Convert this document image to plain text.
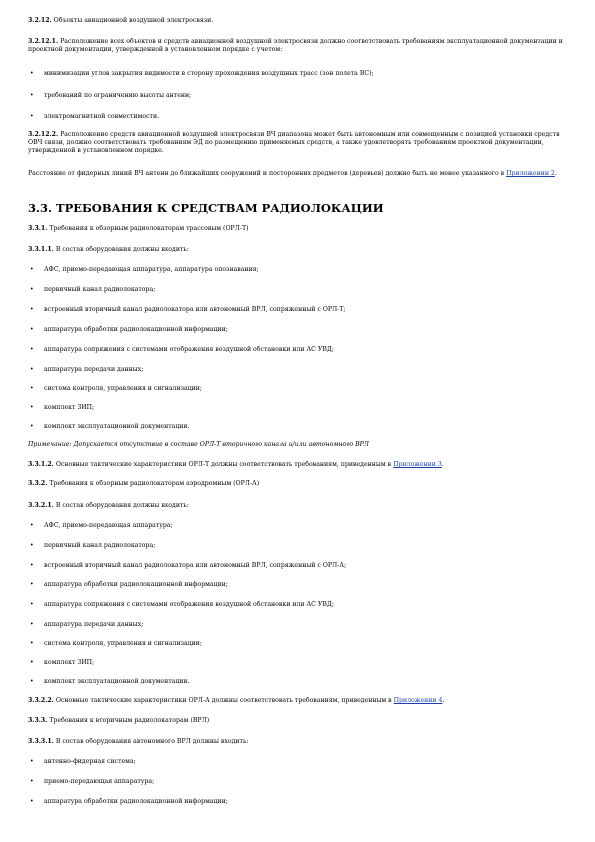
3.2.12. Объекты авиационной воздушной электросвязи.
3.2.12.1. Расположение всех объектов и средств авиационной воздушной электросвязи должно соответствовать требованиям эксплуатационной документации и проектной документации, утвержденной в установленном порядке с учетом:
• минимизации углов закрытия видимости в сторону прохождения воздушных трасс (зон полета ВС);
• требований по ограничению высоты антенн;
• электромагнитной совместимости.
3.2.12.2. Расположение средств авиационной воздушной электросвязи ВЧ диапазона может быть автономным или совмещенным с позицией установки средств ОВЧ связи, должно соответствовать требованиям ЭД по размещению применяемых средств, а также удовлетворять требованиям проектной документации, утвержденной в установленном порядке.
Расстояние от фидерных линий ВЧ антенн до ближайших сооружений и посторонних предметов (деревьев) должно быть не менее указанного в Приложении 2.
3.3. ТРЕБОВАНИЯ К СРЕДСТВАМ РАДИОЛОКАЦИИ
3.3.1. Требования к обзорным радиолокаторам трассовым (ОРЛ-Т)
3.3.1.1. В состав оборудования должны входить:
• АФС, приемо-передающая аппаратура, аппаратура опознавания;
• первичный канал радиолокатора;
• встроенный вторичный канал радиолокатора или автономный ВРЛ, сопряженный с ОРЛ-Т;
• аппаратура обработки радиолокационной информации;
• аппаратура сопряжения с системами отображения воздушной обстановки или АС УВД;
• аппаратура передачи данных;
• система контроля, управления и сигнализации;
• комплект ЗИП;
• комплект эксплуатационной документации.
Примечание: Допускается отсутствие в составе ОРЛ-Т вторичного канала и/или автономного ВРЛ
3.3.1.2. Основные тактические характеристики ОРЛ-Т должны соответствовать требованиям, приведенным в Приложении 3.
3.3.2. Требования к обзорным радиолокаторам аэродромным (ОРЛ-А)
3.3.2.1. В состав оборудования должны входить:
• АФС, приемо-передающая аппаратура;
• первичный канал радиолокатора;
• встроенный вторичный канал радиолокатора или автономный ВРЛ, сопряженный с ОРЛ-А;
• аппаратура обработки радиолокационной информации;
• аппаратура сопряжения с системами отображения воздушной обстановки или АС УВД;
• аппаратура передачи данных;
• система контроля, управления и сигнализации;
• комплект ЗИП;
• комплект эксплуатационной документации.
3.3.2.2. Основные тактические характеристики ОРЛ-А должны соответствовать требованиям, приведенным в Приложении 4.
3.3.3. Требования к вторичным радиолокаторам (ВРЛ)
3.3.3.1. В состав оборудования автономного ВРЛ должны входить:
• антенно-фидерная система;
• приемо-передающая аппаратура;
• аппаратура обработки радиолокационной информации;
